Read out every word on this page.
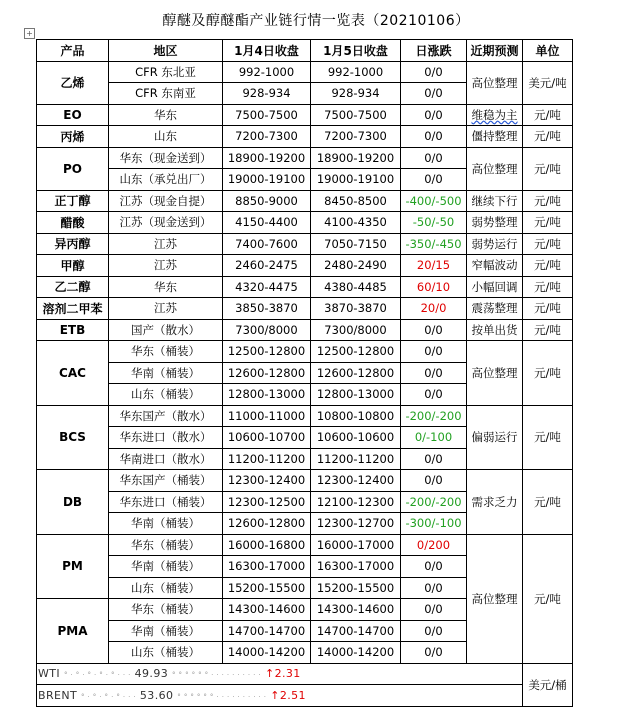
醇醚及醇醚酯产业链行情一览表（20210106）
+
产品	地区	1月4日收盘	1月5日收盘	日涨跌	近期预测	单位
乙烯	CFR 东北亚	992-1000	992-1000	0/0	高位整理	美元/吨
	CFR 东南亚	928-934	928-934	0/0		
EO	华东	7500-7500	7500-7500	0/0	维稳为主	元/吨
丙烯	山东	7200-7300	7200-7300	0/0	僵持整理	元/吨
PO	华东（现金送到）	18900-19200	18900-19200	0/0	高位整理	元/吨
	山东（承兑出厂）	19000-19100	19000-19100	0/0		
正丁醇	江苏（现金自提）	8850-9000	8450-8500	-400/-500	继续下行	元/吨
醋酸	江苏（现金送到）	4150-4400	4100-4350	-50/-50	弱势整理	元/吨
异丙醇	江苏	7400-7600	7050-7150	-350/-450	弱势运行	元/吨
甲醇	江苏	2460-2475	2480-2490	20/15	窄幅波动	元/吨
乙二醇	华东	4320-4475	4380-4485	60/10	小幅回调	元/吨
溶剂二甲苯	江苏	3850-3870	3870-3870	20/0	震荡整理	元/吨
ETB	国产（散水）	7300/8000	7300/8000	0/0	按单出货	元/吨
CAC	华东（桶装）	12500-12800	12500-12800	0/0	高位整理	元/吨
	华南（桶装）	12600-12800	12600-12800	0/0		
	山东（桶装）	12800-13000	12800-13000	0/0		
BCS	华东国产（散水）	11000-11000	10800-10800	-200/-200	偏弱运行	元/吨
	华东进口（散水）	10600-10700	10600-10600	0/-100		
	华南进口（散水）	11200-11200	11200-11200	0/0		
DB	华东国产（桶装）	12300-12400	12300-12400	0/0	需求乏力	元/吨
	华东进口（桶装）	12300-12500	12100-12300	-200/-200		
	华南（桶装）	12600-12800	12300-12700	-300/-100		
PM	华东（桶装）	16000-16800	16000-17000	0/200	高位整理	元/吨
	华南（桶装）	16300-17000	16300-17000	0/0		
	山东（桶装）	15200-15500	15200-15500	0/0		
PMA	华东（桶装）	14300-14600	14300-14600	0/0		
	华南（桶装）	14700-14700	14700-14700	0/0		
	山东（桶装）	14000-14200	14000-14200	0/0		
WTI ° · ° · ° · ° · ° · · · 49.93 ° ° ° ° ° ° · · · · · · · · · · ↑2.31						美元/桶
BRENT ° · ° · ° · ° · · · 53.60 ° ° ° ° ° ° · · · · · · · · · · ↑2.51						
